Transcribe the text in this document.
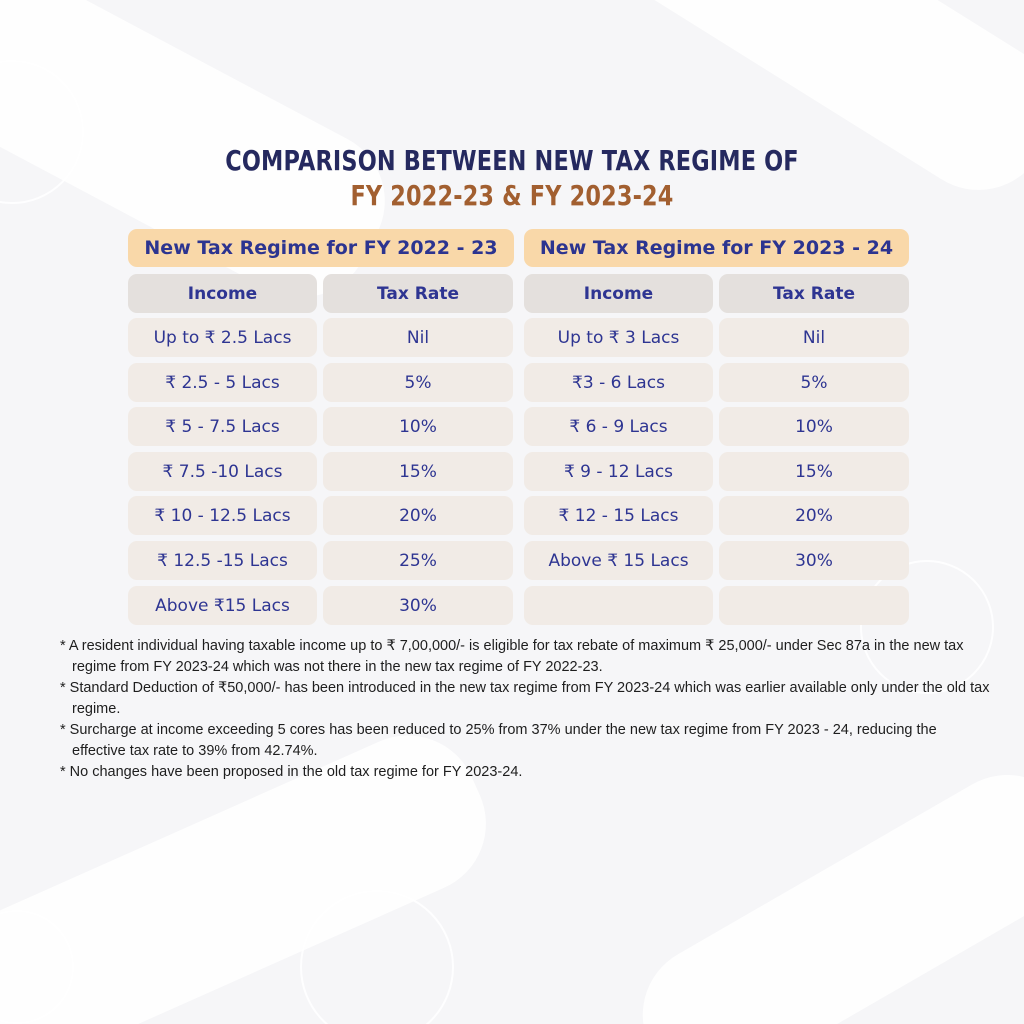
COMPARISON BETWEEN NEW TAX REGIME OF
FY 2022-23 & FY 2023-24
New Tax Regime for FY 2022 - 23	New Tax Regime for FY 2023 - 24
Income	Tax Rate
Up to ₹ 2.5 Lacs	Nil
₹ 2.5 - 5 Lacs	5%
₹ 5 - 7.5 Lacs	10%
₹ 7.5 -10 Lacs	15%
₹ 10 - 12.5 Lacs	20%
₹ 12.5 -15 Lacs	25%
Above ₹15 Lacs	30%
Income	Tax Rate
Up to ₹ 3 Lacs	Nil
₹3 - 6 Lacs	5%
₹ 6 - 9 Lacs	10%
₹ 9 - 12 Lacs	15%
₹ 12 - 15 Lacs	20%
Above ₹ 15 Lacs	30%

* A resident individual having taxable income up to ₹ 7,00,000/- is eligible for tax rebate of maximum ₹ 25,000/- under Sec 87a in the new tax regime from FY 2023-24 which was not there in the new tax regime of FY 2022-23.

* Standard Deduction of ₹50,000/- has been introduced in the new tax regime from FY 2023-24 which was earlier available only under the old tax regime.

* Surcharge at income exceeding 5 cores has been reduced to 25% from 37% under the new tax regime from FY 2023 - 24, reducing the effective tax rate to 39% from 42.74%.

* No changes have been proposed in the old tax regime for FY 2023-24.
